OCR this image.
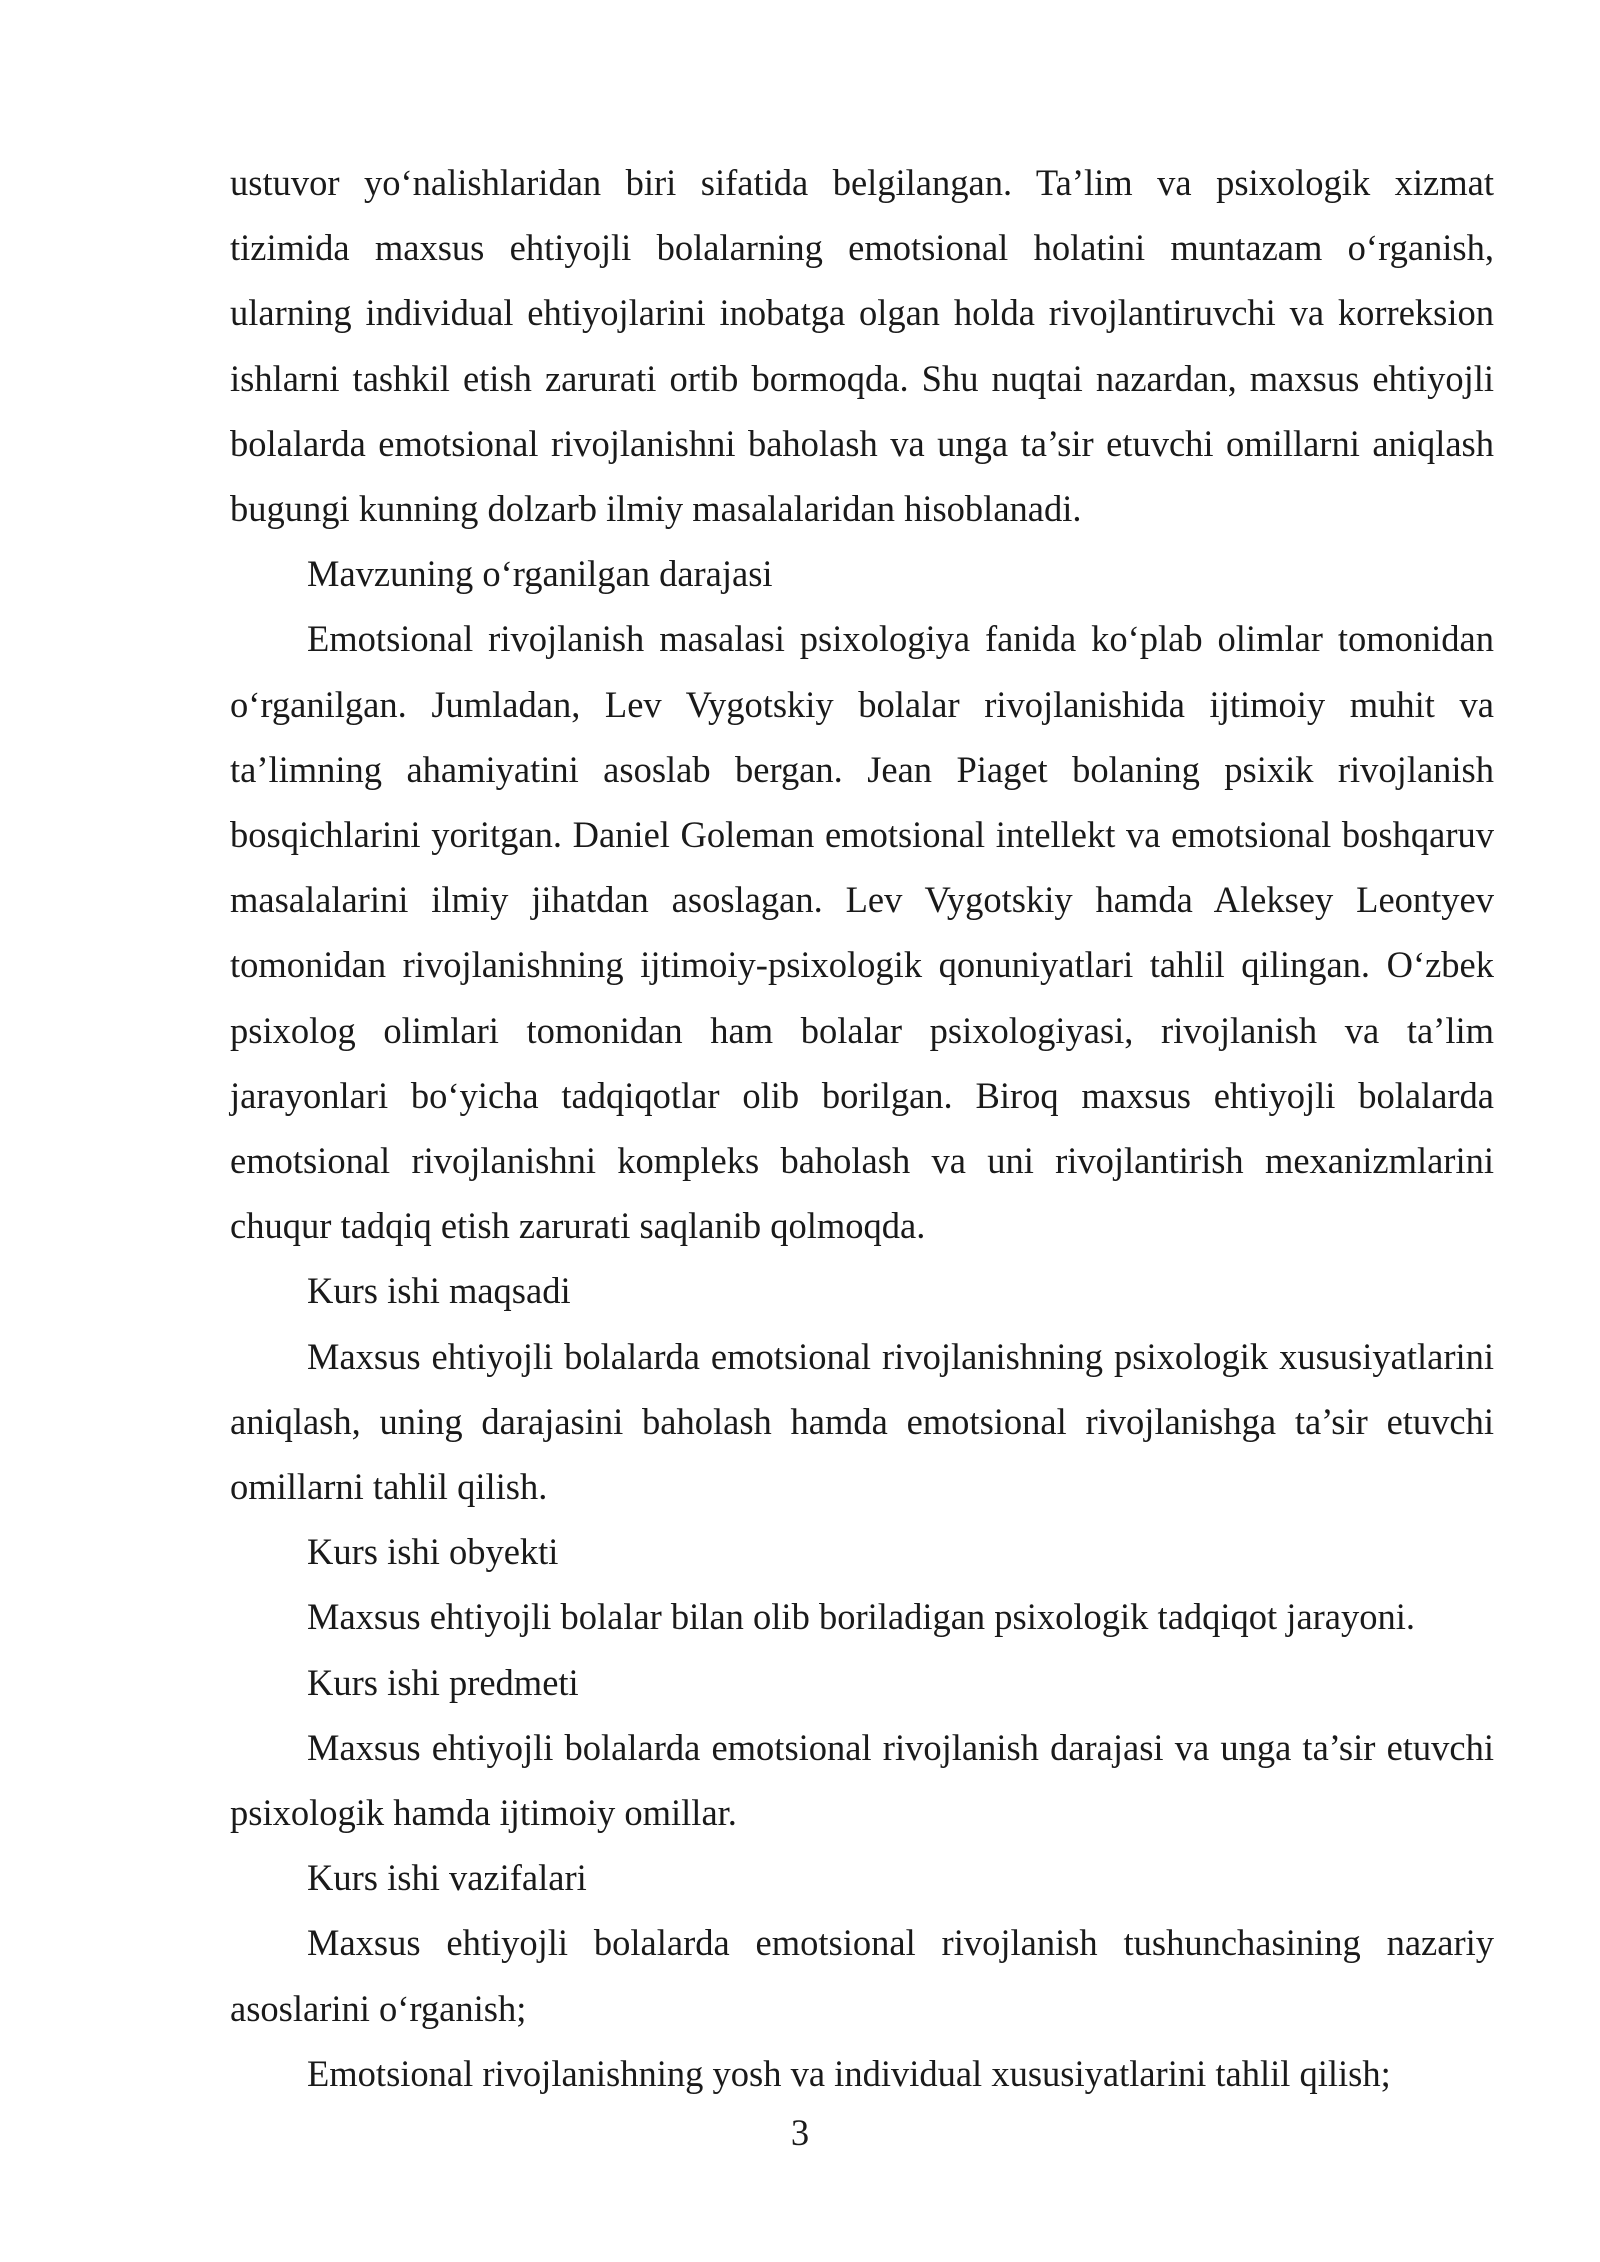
ustuvor yo‘nalishlaridan biri sifatida belgilangan. Ta’lim va psixologik xizmat tizimida maxsus ehtiyojli bolalarning emotsional holatini muntazam o‘rganish, ularning individual ehtiyojlarini inobatga olgan holda rivojlantiruvchi va korreksion ishlarni tashkil etish zarurati ortib bormoqda. Shu nuqtai nazardan, maxsus ehtiyojli bolalarda emotsional rivojlanishni baholash va unga ta’sir etuvchi omillarni aniqlash bugungi kunning dolzarb ilmiy masalalaridan hisoblanadi.

Mavzuning o‘rganilgan darajasi

Emotsional rivojlanish masalasi psixologiya fanida ko‘plab olimlar tomonidan o‘rganilgan. Jumladan, Lev Vygotskiy bolalar rivojlanishida ijtimoiy muhit va ta’limning ahamiyatini asoslab bergan. Jean Piaget bolaning psixik rivojlanish bosqichlarini yoritgan. Daniel Goleman emotsional intellekt va emotsional boshqaruv masalalarini ilmiy jihatdan asoslagan. Lev Vygotskiy hamda Aleksey Leontyev tomonidan rivojlanishning ijtimoiy-psixologik qonuniyatlari tahlil qilingan. O‘zbek psixolog olimlari tomonidan ham bolalar psixologiyasi, rivojlanish va ta’lim jarayonlari bo‘yicha tadqiqotlar olib borilgan. Biroq maxsus ehtiyojli bolalarda emotsional rivojlanishni kompleks baholash va uni rivojlantirish mexanizmlarini chuqur tadqiq etish zarurati saqlanib qolmoqda.

Kurs ishi maqsadi

Maxsus ehtiyojli bolalarda emotsional rivojlanishning psixologik xususiyatlarini aniqlash, uning darajasini baholash hamda emotsional rivojlanishga ta’sir etuvchi omillarni tahlil qilish.

Kurs ishi obyekti

Maxsus ehtiyojli bolalar bilan olib boriladigan psixologik tadqiqot jarayoni.

Kurs ishi predmeti

Maxsus ehtiyojli bolalarda emotsional rivojlanish darajasi va unga ta’sir etuvchi psixologik hamda ijtimoiy omillar.

Kurs ishi vazifalari

Maxsus ehtiyojli bolalarda emotsional rivojlanish tushunchasining nazariy asoslarini o‘rganish;

Emotsional rivojlanishning yosh va individual xususiyatlarini tahlil qilish;

3
